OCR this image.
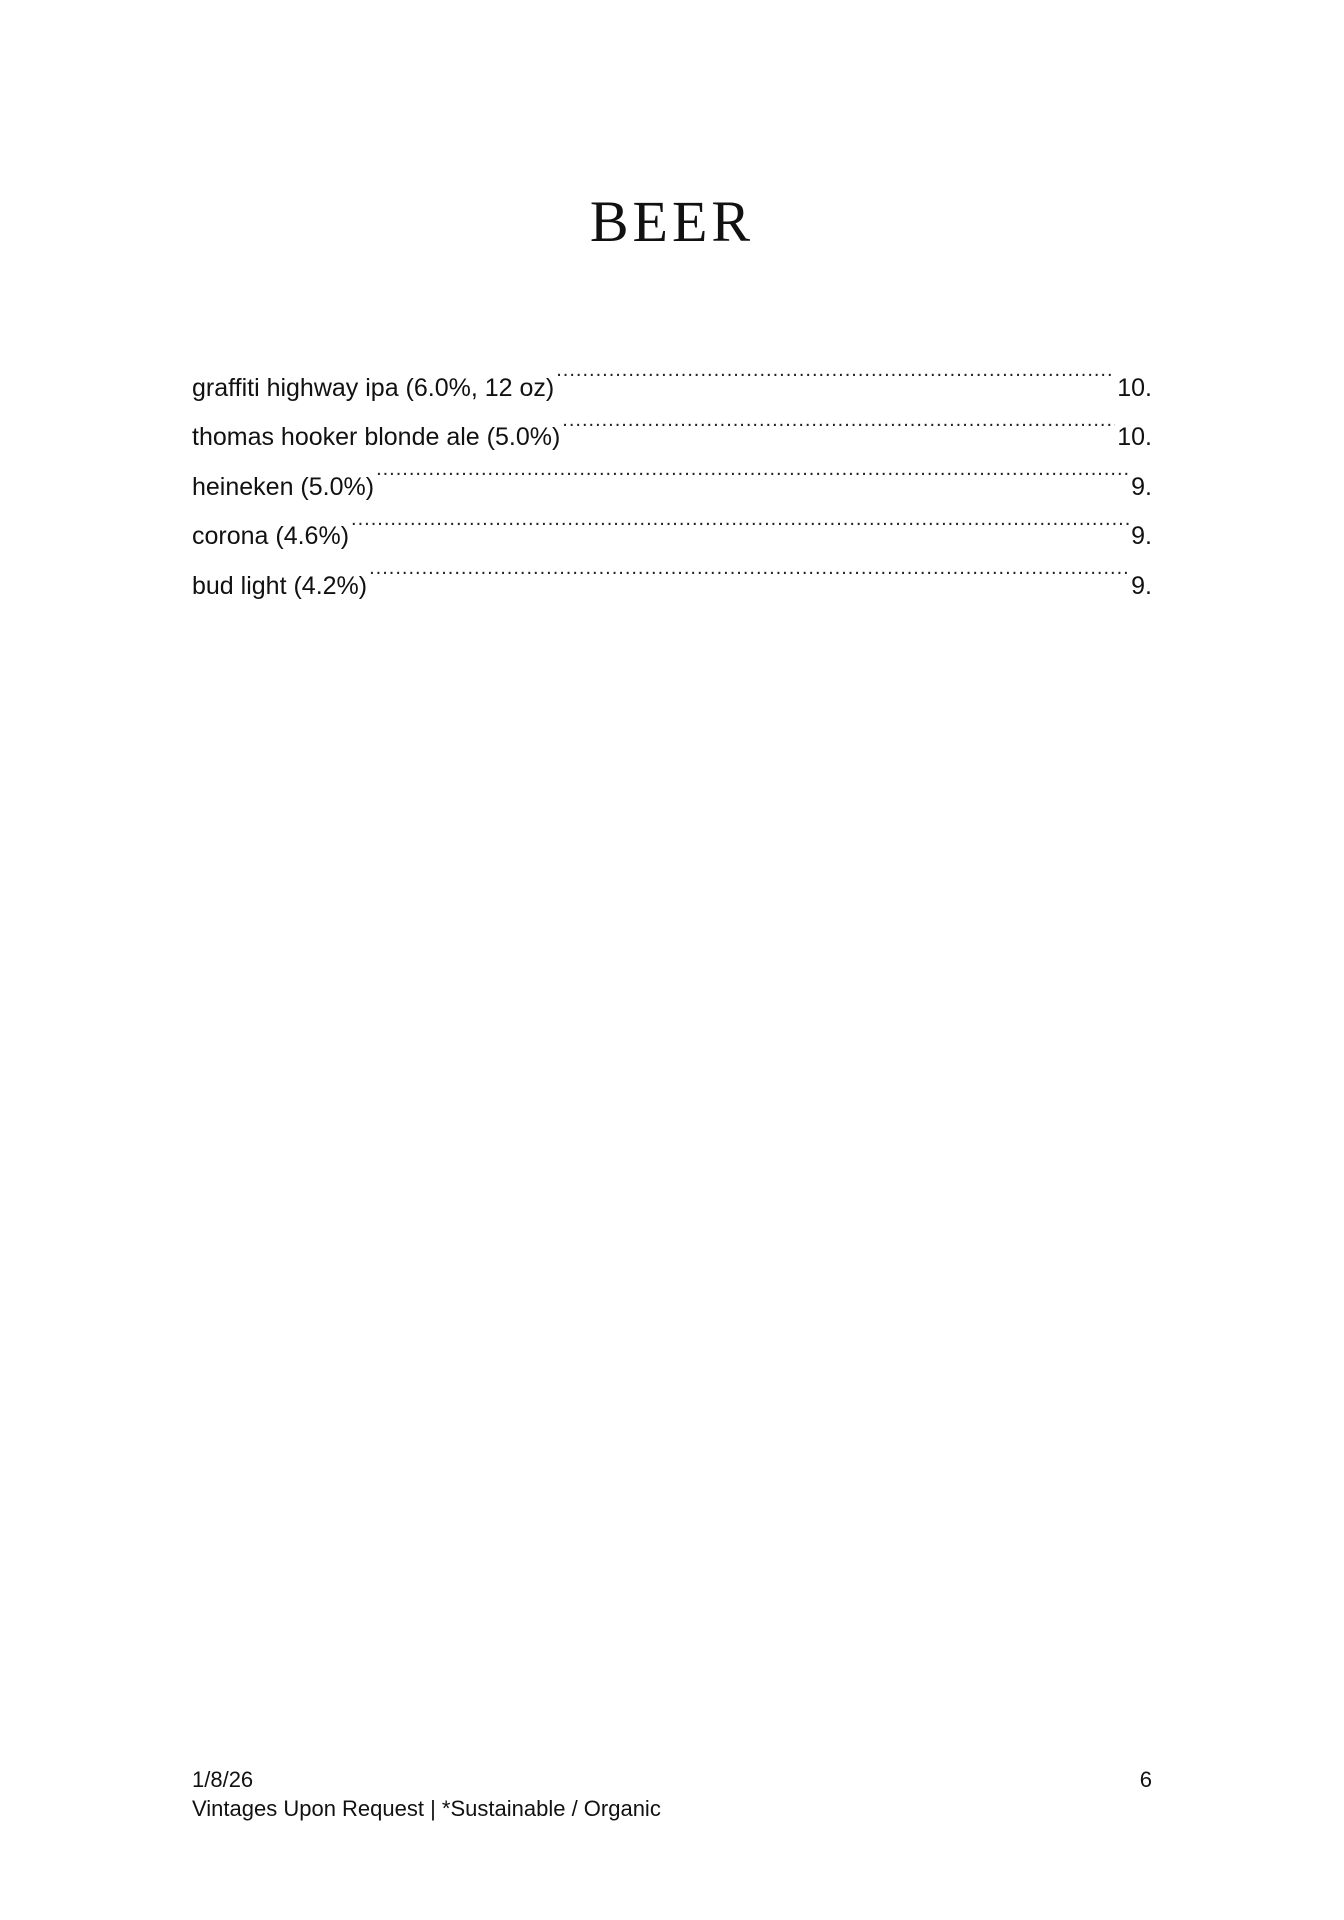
BEER
graffiti highway ipa (6.0%, 12 oz) .....	10.
thomas hooker blonde ale (5.0%) .....	10.
heineken (5.0%) .....	9.
corona (4.6%) .....	9.
bud light (4.2%) .....	9.
1/8/26
Vintages Upon Request | *Sustainable / Organic
6
